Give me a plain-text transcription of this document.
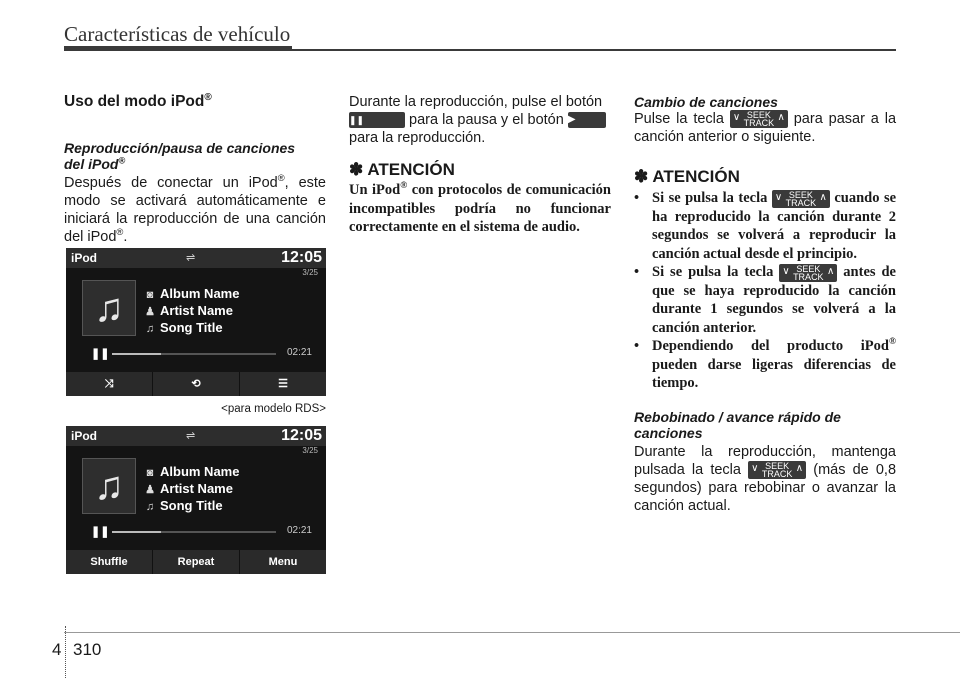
Características de vehículo
Uso del modo iPod®
Reproducción/pausa de canciones
del iPod®
Después de conectar un iPod®, este modo se activará automáticamente e iniciará la reproducción de una canción del iPod®.
iPod	⇌	12:05
3/25
♫	◙ Album Name
♟ Artist Name
♫ Song Title
❚❚	02:21
⤨	⟲	☰
<para modelo RDS>
iPod	⇌	12:05
3/25
♫	◙ Album Name
♟ Artist Name
♫ Song Title
❚❚	02:21
Shuffle	Repeat	Menu
Durante la reproducción, pulse el botón
❚❚	para la pausa y el botón ▶
para la reproducción.
✽ ATENCIÓN
Un iPod® con protocolos de comunicación incompatibles podría no funcionar correctamente en el sistema de audio.
Cambio de canciones
Pulse la tecla ∨ SEEK
TRACK ∧ para pasar a la canción anterior o siguiente.
✽ ATENCIÓN
• Si se pulsa la tecla ∨ SEEK
TRACK ∧ cuando se ha reproducido la canción durante 2 segundos se volverá a reproducir la canción actual desde el principio.
• Si se pulsa la tecla ∨ SEEK
TRACK ∧ antes de que se haya reproducido la canción durante 1 segundos se volverá a la canción anterior.
• Dependiendo del producto iPod® pueden darse ligeras diferencias de tiempo.
Rebobinado / avance rápido de
canciones
Durante la reproducción, mantenga pulsada la tecla ∨ SEEK
TRACK ∧ (más de 0,8 segundos) para rebobinar o avanzar la canción actual.
4 310
